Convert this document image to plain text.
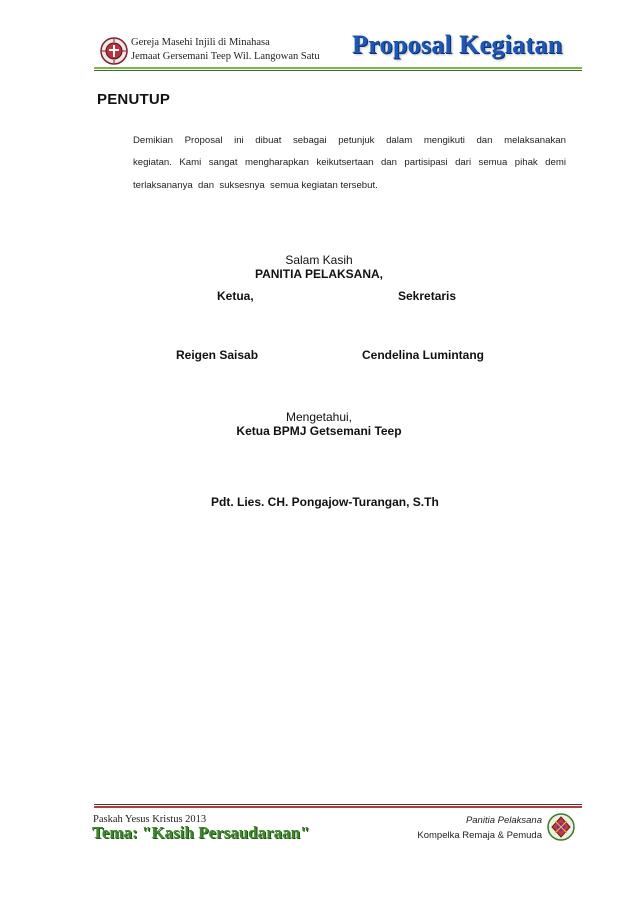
Gereja Masehi Injili di Minahasa
Jemaat Gersemani Teep Wil. Langowan Satu Proposal Kegiatan
PENUTUP
Demikian Proposal ini dibuat sebagai petunjuk dalam mengikuti dan melaksanakan
kegiatan. Kami sangat mengharapkan keikutsertaan dan partisipasi dari semua pihak demi
terlaksananya  dan  suksesnya  semua kegiatan tersebut.
Salam Kasih
PANITIA PELAKSANA,
Ketua,	Sekretaris
Reigen Saisab	Cendelina Lumintang
Mengetahui,
Ketua BPMJ Getsemani Teep
Pdt. Lies. CH. Pongajow-Turangan, S.Th
Paskah Yesus Kristus 2013
Tema: "Kasih Persaudaraan"
Panitia Pelaksana
Kompelka Remaja & Pemuda
